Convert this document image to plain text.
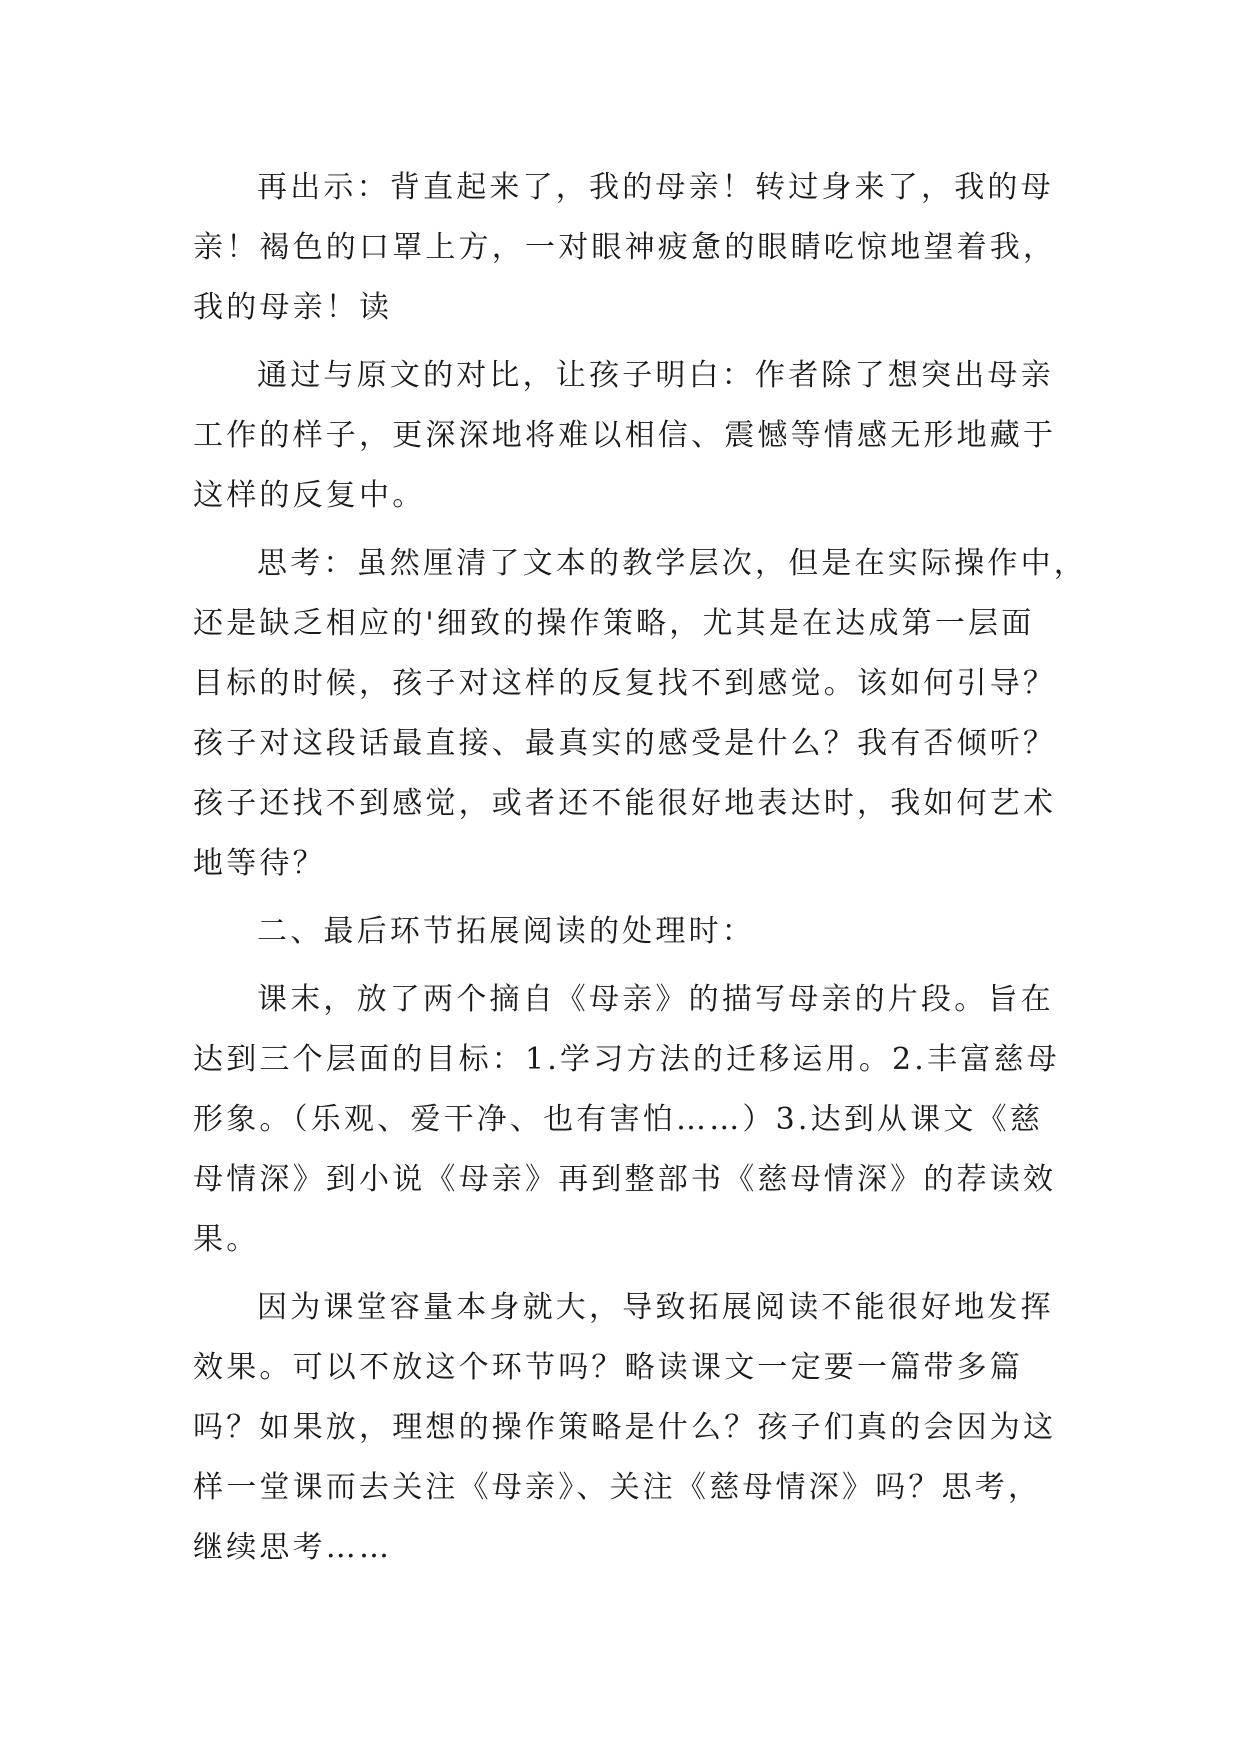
再出示：背直起来了，我的母亲！转过身来了，我的母
亲！褐色的口罩上方，一对眼神疲惫的眼睛吃惊地望着我，
我的母亲！读
通过与原文的对比，让孩子明白：作者除了想突出母亲
工作的样子，更深深地将难以相信、震憾等情感无形地藏于
这样的反复中。
思考：虽然厘清了文本的教学层次，但是在实际操作中，
还是缺乏相应的'细致的操作策略，尤其是在达成第一层面
目标的时候，孩子对这样的反复找不到感觉。该如何引导？
孩子对这段话最直接、最真实的感受是什么？我有否倾听？
孩子还找不到感觉，或者还不能很好地表达时，我如何艺术
地等待？
二、最后环节拓展阅读的处理时：
课末，放了两个摘自《母亲》的描写母亲的片段。旨在
达到三个层面的目标：1.学习方法的迁移运用。2.丰富慈母
形象。（乐观、爱干净、也有害怕……）3.达到从课文《慈
母情深》到小说《母亲》再到整部书《慈母情深》的荐读效
果。
因为课堂容量本身就大，导致拓展阅读不能很好地发挥
效果。可以不放这个环节吗？略读课文一定要一篇带多篇
吗？如果放，理想的操作策略是什么？孩子们真的会因为这
样一堂课而去关注《母亲》、关注《慈母情深》吗？思考，
继续思考……
